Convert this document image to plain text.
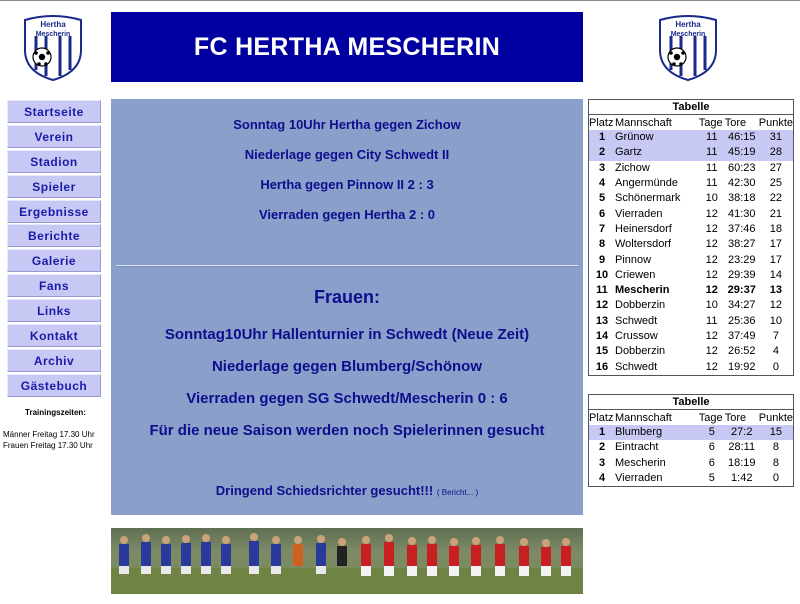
Hertha
Mescherin
Hertha
Mescherin
FC HERTHA MESCHERIN
Startseite
Verein
Stadion
Spieler
Ergebnisse
Berichte
Galerie
Fans
Links
Kontakt
Archiv
Gästebuch
Trainingszeiten:
Männer Freitag 17.30 Uhr
Frauen Freitag 17.30 Uhr
Sonntag 10Uhr Hertha gegen Zichow
Niederlage gegen City Schwedt II
Hertha gegen Pinnow II 2 : 3
Vierraden gegen Hertha 2 : 0
Frauen:
Sonntag10Uhr Hallenturnier in Schwedt (Neue Zeit)
Niederlage gegen Blumberg/Schönow
Vierraden gegen SG Schwedt/Mescherin 0 : 6
Für die neue Saison werden noch Spielerinnen gesucht
Dringend Schiedsrichter gesucht!!! ( Bericht... )
Tabelle
Platz	Mannschaft	Tage	Tore	Punkte
1	Grünow	11	46:15	31
2	Gartz	11	45:19	28
3	Zichow	11	60:23	27
4	Angermünde	11	42:30	25
5	Schönermark	10	38:18	22
6	Vierraden	12	41:30	21
7	Heinersdorf	12	37:46	18
8	Woltersdorf	12	38:27	17
9	Pinnow	12	23:29	17
10	Criewen	12	29:39	14
11	Mescherin	12	29:37	13
12	Dobberzin	10	34:27	12
13	Schwedt	11	25:36	10
14	Crussow	12	37:49	7
15	Dobberzin	12	26:52	4
16	Schwedt	12	19:92	0
Tabelle
Platz	Mannschaft	Tage	Tore	Punkte
1	Blumberg	5	27:2	15
2	Eintracht	6	28:11	8
3	Mescherin	6	18:19	8
4	Vierraden	5	1:42	0
